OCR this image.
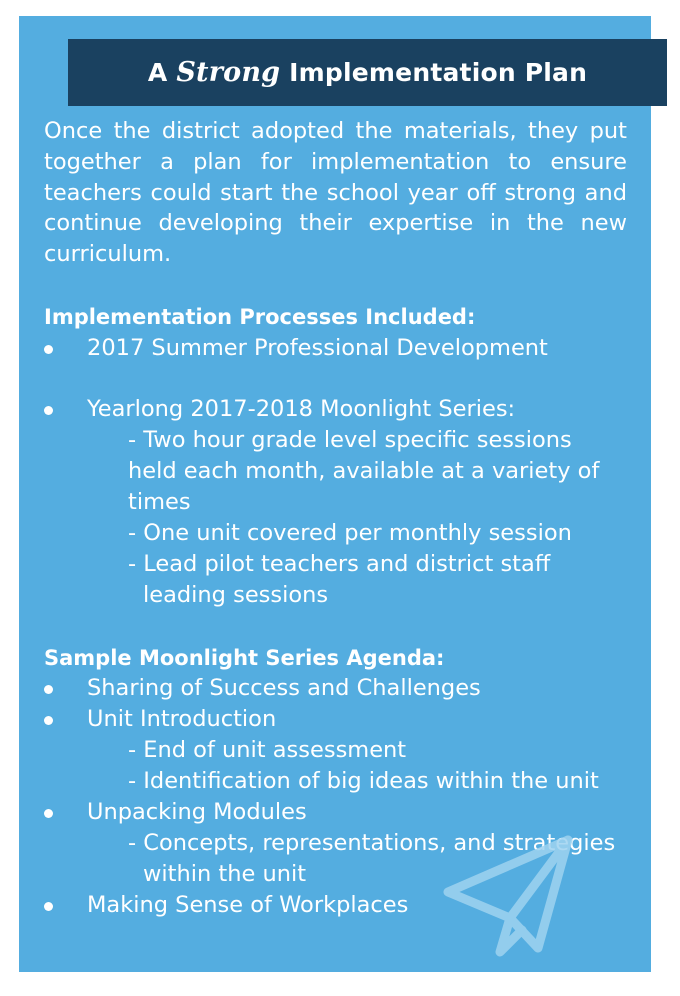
A Strong Implementation Plan
Once the district adopted the materials, they put together a plan for implementation to ensure teachers could start the school year off strong and continue developing their expertise in the new curriculum.
Implementation Processes Included:
2017 Summer Professional Development
Yearlong 2017-2018 Moonlight Series:
- Two hour grade level specific sessions
held each month, available at a variety of
times
- One unit covered per monthly session
- Lead pilot teachers and district staff
leading sessions
Sample Moonlight Series Agenda:
Sharing of Success and Challenges
Unit Introduction
- End of unit assessment
- Identification of big ideas within the unit
Unpacking Modules
- Concepts, representations, and strategies
within the unit
Making Sense of Workplaces
